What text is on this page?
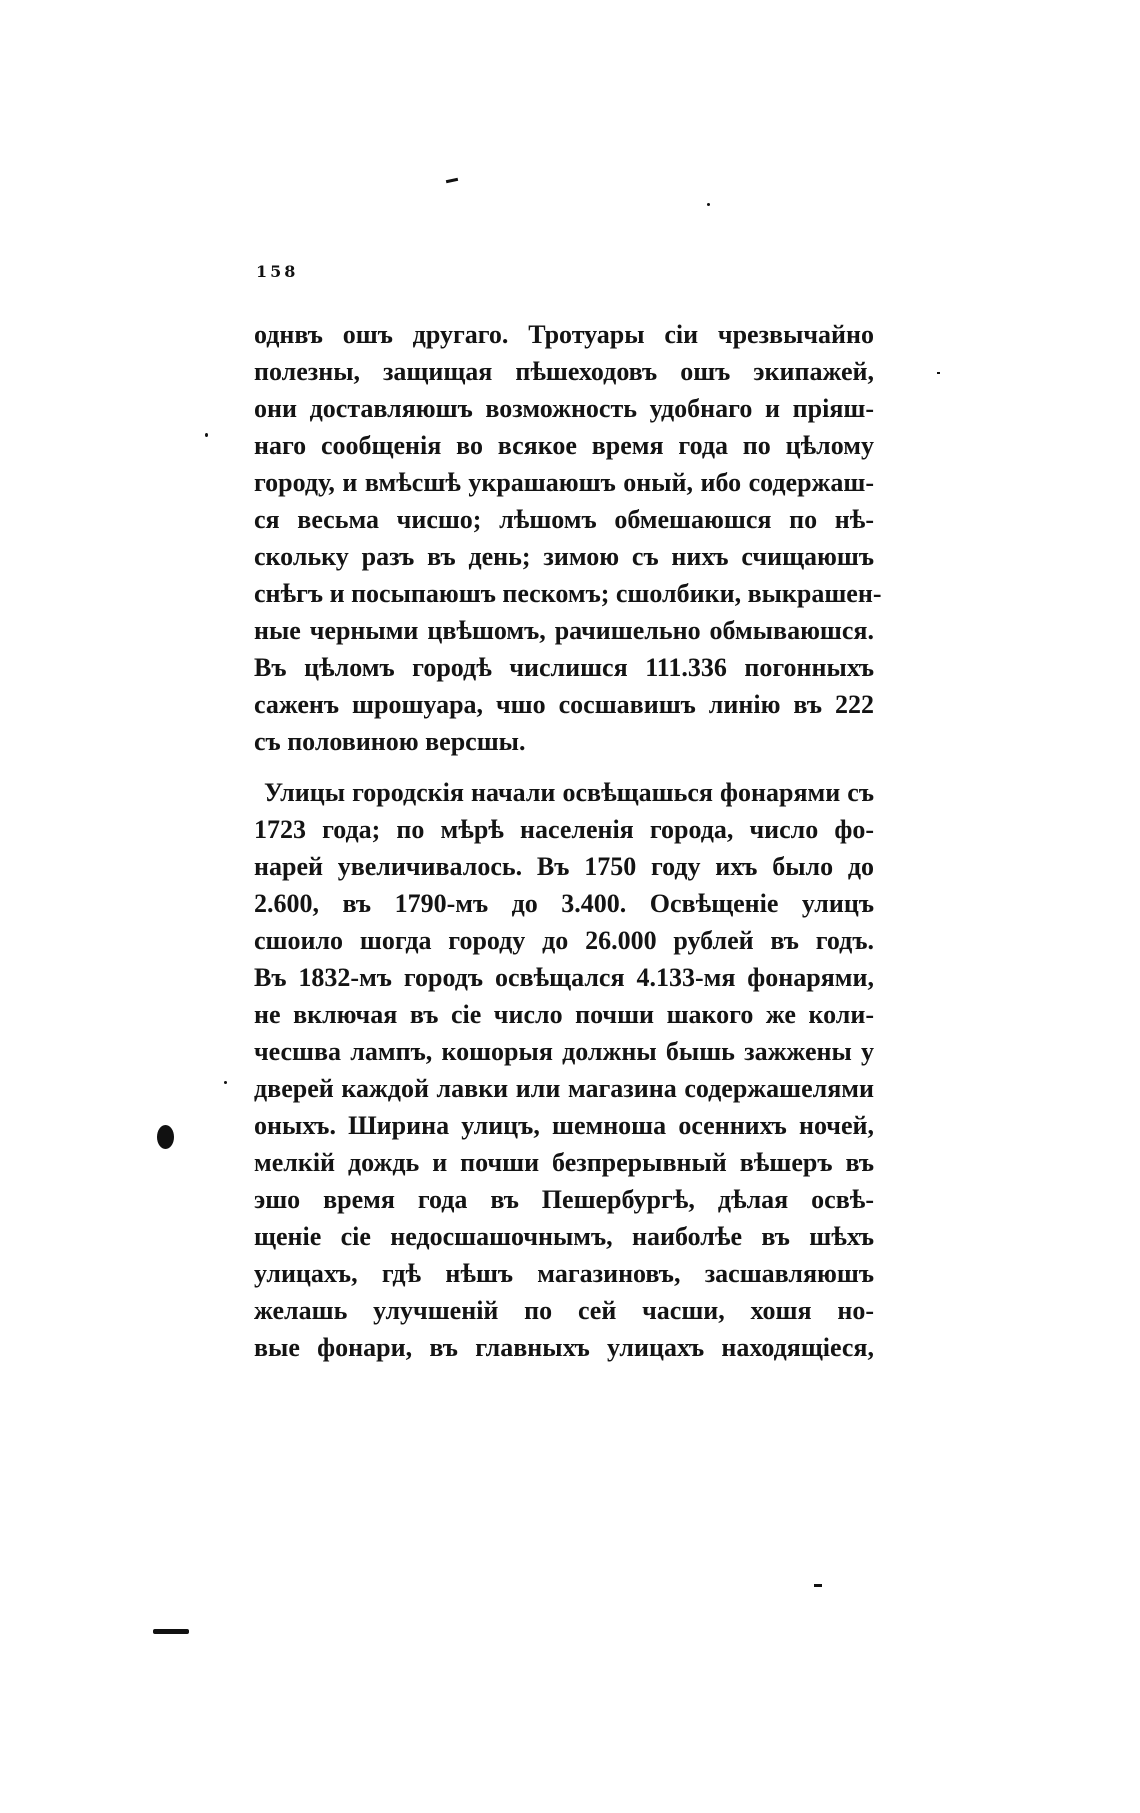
158
однвъ ошъ другаго. Тротуары сіи чрезвычайно
полезны, защищая пѣшеходовъ ошъ экипажей,
они доставляюшъ возможность удобнаго и пріяш-
наго сообщенія во всякое время года по цѣлому
городу, и вмѣсшѣ украшаюшъ оный, ибо содержаш-
ся весьма чисшо; лѣшомъ обмешаюшся по нѣ-
скольку разъ въ день; зимою съ нихъ счищаюшъ
снѣгъ и посыпаюшъ пескомъ; сшолбики, выкрашен-
ные черными цвѣшомъ, рачишельно обмываюшся.
Въ цѣломъ городѣ числишся 111.336 погонныхъ
саженъ шрошуара, чшо сосшавишъ линію въ 222
съ половиною версшы.
Улицы городскія начали освѣщашься фонарями съ
1723 года; по мѣрѣ населенія города, число фо-
нарей увеличивалось. Въ 1750 году ихъ было до
2.600, въ 1790-мъ до 3.400. Освѣщеніе улицъ
сшоило шогда городу до 26.000 рублей въ годъ.
Въ 1832-мъ городъ освѣщался 4.133-мя фонарями,
не включая въ сіе число почши шакого же коли-
чесшва лампъ, кошорыя должны бышь зажжены у
дверей каждой лавки или магазина содержашелями
оныхъ. Ширина улицъ, шемноша осеннихъ ночей,
мелкій дождь и почши безпрерывный вѣшеръ въ
эшо время года въ Пешербургѣ, дѣлая освѣ-
щеніе сіе недосшашочнымъ, наиболѣе въ шѣхъ
улицахъ, гдѣ нѣшъ магазиновъ, засшавляюшъ
желашь улучшеній по сей часши, хошя но-
вые фонари, въ главныхъ улицахъ находящіеся,
